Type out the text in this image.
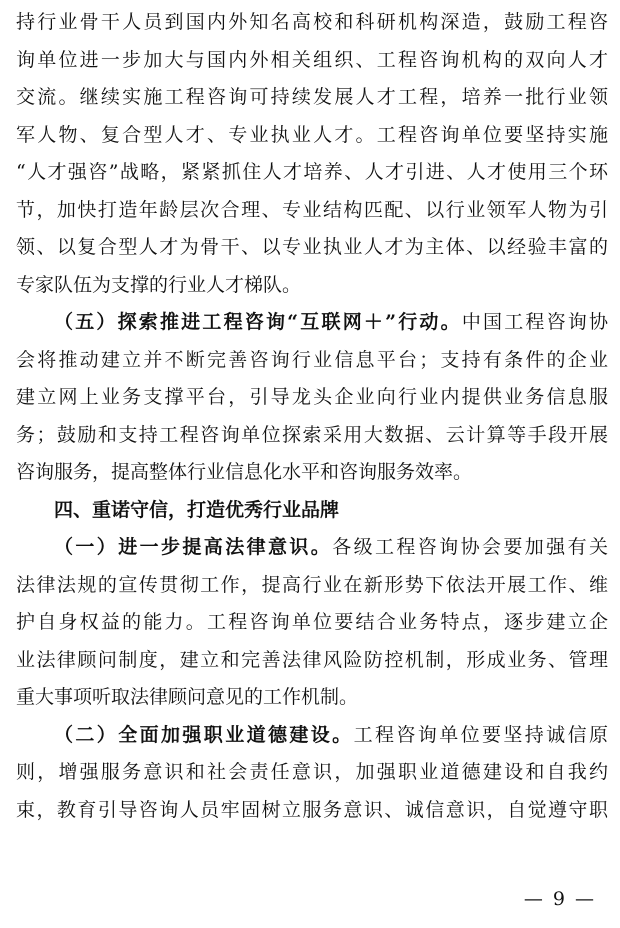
持行业骨干人员到国内外知名高校和科研机构深造，鼓励工程咨
询单位进一步加大与国内外相关组织、工程咨询机构的双向人才
交流。继续实施工程咨询可持续发展人才工程，培养一批行业领
军人物、复合型人才、专业执业人才。工程咨询单位要坚持实施
“人才强咨”战略，紧紧抓住人才培养、人才引进、人才使用三个环
节，加快打造年龄层次合理、专业结构匹配、以行业领军人物为引
领、以复合型人才为骨干、以专业执业人才为主体、以经验丰富的
专家队伍为支撑的行业人才梯队。
（五）探索推进工程咨询“互联网＋”行动。中国工程咨询协
会将推动建立并不断完善咨询行业信息平台；支持有条件的企业
建立网上业务支撑平台，引导龙头企业向行业内提供业务信息服
务；鼓励和支持工程咨询单位探索采用大数据、云计算等手段开展
咨询服务，提高整体行业信息化水平和咨询服务效率。
四、重诺守信，打造优秀行业品牌
（一）进一步提高法律意识。各级工程咨询协会要加强有关
法律法规的宣传贯彻工作，提高行业在新形势下依法开展工作、维
护自身权益的能力。工程咨询单位要结合业务特点，逐步建立企
业法律顾问制度，建立和完善法律风险防控机制，形成业务、管理
重大事项听取法律顾问意见的工作机制。
（二）全面加强职业道德建设。工程咨询单位要坚持诚信原
则，增强服务意识和社会责任意识，加强职业道德建设和自我约
束，教育引导咨询人员牢固树立服务意识、诚信意识，自觉遵守职
— 9 —
